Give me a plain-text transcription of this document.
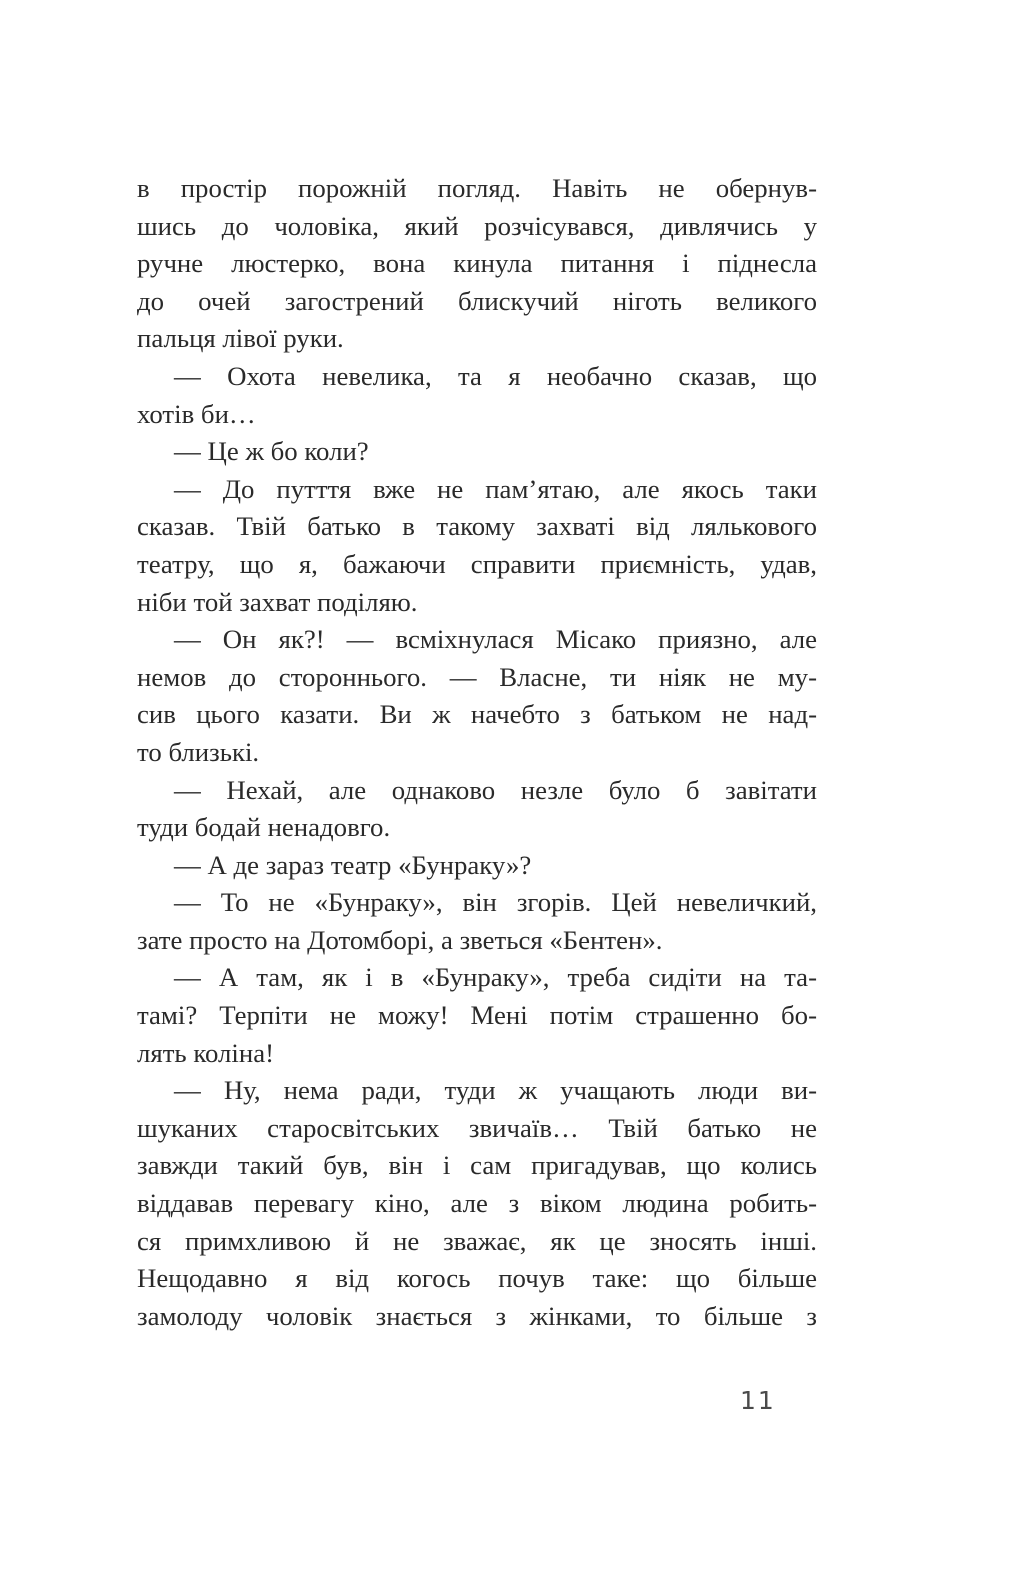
в простір порожній погляд. Навіть не обернув-
шись до чоловіка, який розчісувався, дивлячись у
ручне люстерко, вона кинула питання і піднесла
до очей загострений блискучий ніготь великого
пальця лівої руки.
— Охота невелика, та я необачно сказав, що
хотів би…
— Це ж бо коли?
— До путття вже не пам’ятаю, але якось таки
сказав. Твій батько в такому захваті від лялькового
театру, що я, бажаючи справити приємність, удав,
ніби той захват поділяю.
— Он як?! — всміхнулася Місако приязно, але
немов до стороннього. — Власне, ти ніяк не му-
сив цього казати. Ви ж начебто з батьком не над-
то близькі.
— Нехай, але однаково незле було б завітати
туди бодай ненадовго.
— А де зараз театр «Бунраку»?
— То не «Бунраку», він згорів. Цей невеличкий,
зате просто на Дотомборі, а зветься «Бентен».
— А там, як і в «Бунраку», треба сидіти на та-
тамі? Терпіти не можу! Мені потім страшенно бо-
лять коліна!
— Ну, нема ради, туди ж учащають люди ви-
шуканих старосвітських звичаїв… Твій батько не
завжди такий був, він і сам пригадував, що колись
віддавав перевагу кіно, але з віком людина робить-
ся примхливою й не зважає, як це зносять інші.
Нещодавно я від когось почув таке: що більше
замолоду чоловік знається з жінками, то більше з
11
